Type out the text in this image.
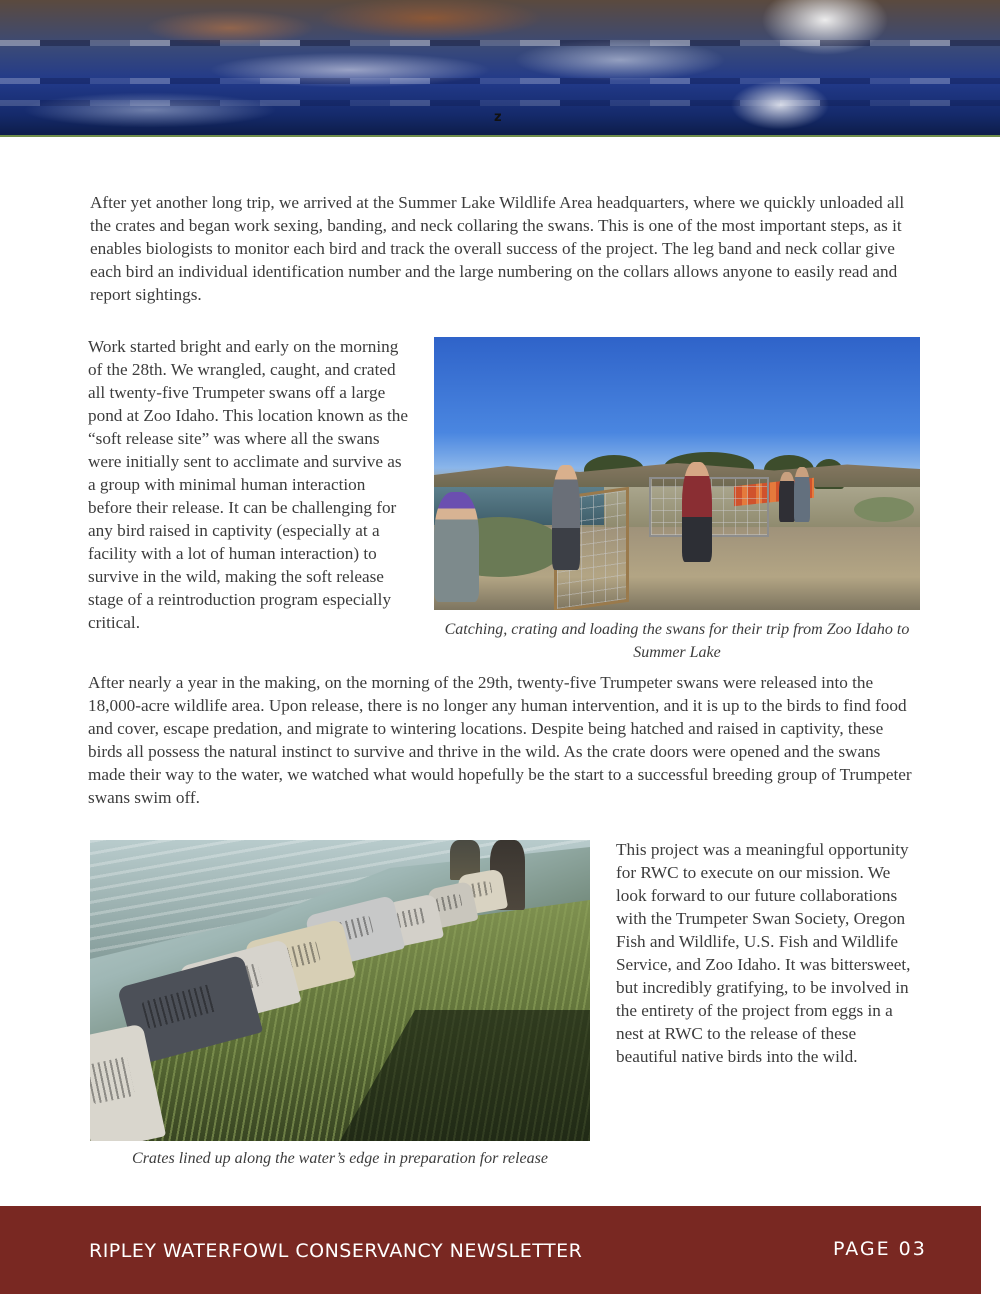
z

After yet another long trip, we arrived at the Summer Lake Wildlife Area headquarters, where we quickly unloaded all the crates and began work sexing, banding, and neck collaring the swans. This is one of the most important steps, as it enables biologists to monitor each bird and track the overall success of the project. The leg band and neck collar give each bird an individual identification number and the large numbering on the collars allows anyone to easily read and report sightings.

Work started bright and early on the morning of the 28th. We wrangled, caught, and crated all twenty-five Trumpeter swans off a large pond at Zoo Idaho. This location known as the “soft release site” was where all the swans were initially sent to acclimate and survive as a group with minimal human interaction before their release. It can be challenging for any bird raised in captivity (especially at a facility with a lot of human interaction) to survive in the wild, making the soft release stage of a reintroduction program especially critical.	Catching, crating and loading the swans for their trip from Zoo Idaho to Summer Lake

After nearly a year in the making, on the morning of the 29th, twenty-five Trumpeter swans were released into the 18,000-acre wildlife area. Upon release, there is no longer any human intervention, and it is up to the birds to find food and cover, escape predation, and migrate to wintering locations. Despite being hatched and raised in captivity, these birds all possess the natural instinct to survive and thrive in the wild. As the crate doors were opened and the swans made their way to the water, we watched what would hopefully be the start to a successful breeding group of Trumpeter swans swim off.

Crates lined up along the water’s edge in preparation for release

This project was a meaningful opportunity for RWC to execute on our mission. We look forward to our future collaborations with the Trumpeter Swan Society, Oregon Fish and Wildlife, U.S. Fish and Wildlife Service, and Zoo Idaho. It was bittersweet, but incredibly gratifying, to be involved in the entirety of the project from eggs in a nest at RWC to the release of these beautiful native birds into the wild.

RIPLEY WATERFOWL CONSERVANCY NEWSLETTER	PAGE 03
